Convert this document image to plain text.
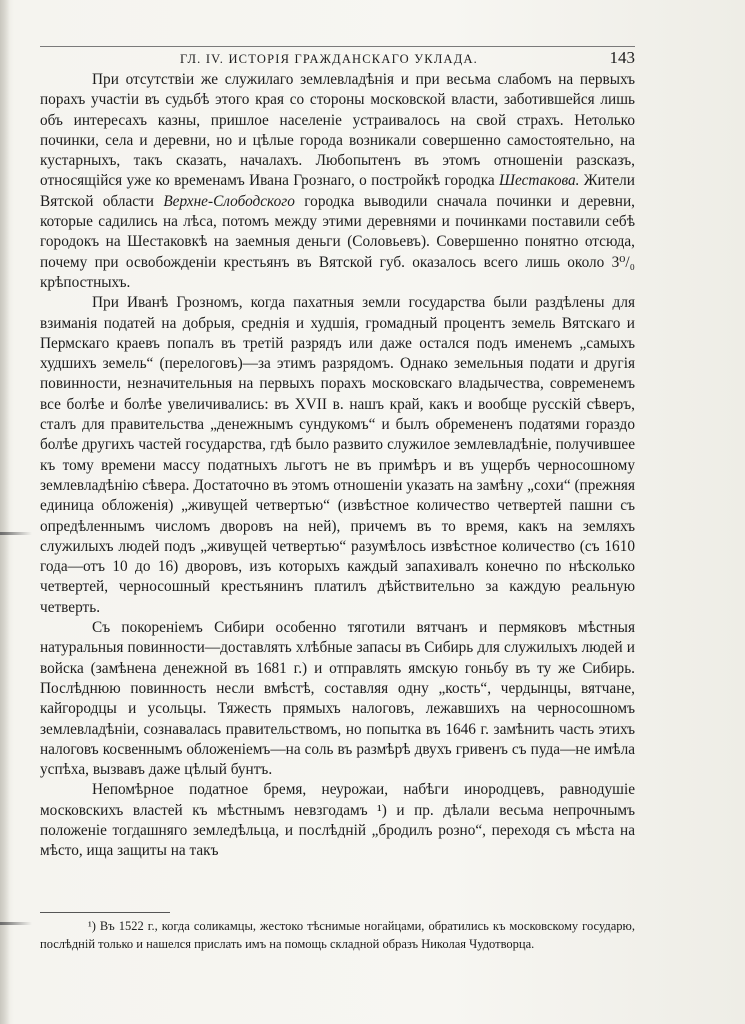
ГЛ. IV. ИСТОРІЯ ГРАЖДАНСКАГО УКЛАДА.	143

При отсутствіи же служилаго землевладѣнія и при весьма слабомъ на первыхъ порахъ участіи въ судьбѣ этого края со стороны московской власти, заботившейся лишь объ интересахъ казны, пришлое населеніе устраивалось на свой страхъ. Нетолько починки, села и деревни, но и цѣлые города возникали совершенно самостоятельно, на кустарныхъ, такъ сказать, началахъ. Любопытенъ въ этомъ отношеніи разсказъ, относящійся уже ко временамъ Ивана Грознаго, о постройкѣ городка Шестакова. Жители Вятской области Верхне-Слободского городка выводили сначала починки и деревни, которые садились на лѣса, потомъ между этими деревнями и починками поставили себѣ городокъ на Шестаковкѣ на заемныя деньги (Соловьевъ). Совершенно понятно отсюда, почему при освобожденіи крестьянъ въ Вятской губ. оказалось всего лишь около 3⁰/₀ крѣпостныхъ.

При Иванѣ Грозномъ, когда пахатныя земли государства были раздѣлены для взиманія податей на добрыя, среднія и худшія, громадный процентъ земель Вятскаго и Пермскаго краевъ попалъ въ третій разрядъ или даже остался подъ именемъ „самыхъ худшихъ земель“ (перелоговъ)—за этимъ разрядомъ. Однако земельныя подати и другія повинности, незначительныя на первыхъ порахъ московскаго владычества, современемъ все болѣе и болѣе увеличивались: въ XVII в. нашъ край, какъ и вообще русскій сѣверъ, сталъ для правительства „денежнымъ сундукомъ“ и былъ обремененъ податями гораздо болѣе другихъ частей государства, гдѣ было развито служилое землевладѣніе, получившее къ тому времени массу податныхъ льготъ не въ примѣръ и въ ущербъ черносошному землевладѣнію сѣвера. Достаточно въ этомъ отношеніи указать на замѣну „сохи“ (прежняя единица обложенія) „живущей четвертью“ (извѣстное количество четвертей пашни съ опредѣленнымъ числомъ дворовъ на ней), причемъ въ то время, какъ на земляхъ служилыхъ людей подъ „живущей четвертью“ разумѣлось извѣстное количество (съ 1610 года—отъ 10 до 16) дворовъ, изъ которыхъ каждый запахивалъ конечно по нѣсколько четвертей, черносошный крестьянинъ платилъ дѣйствительно за каждую реальную четверть.

Съ покореніемъ Сибири особенно тяготили вятчанъ и пермяковъ мѣстныя натуральныя повинности—доставлять хлѣбные запасы въ Сибирь для служилыхъ людей и войска (замѣнена денежной въ 1681 г.) и отправлять ямскую гоньбу въ ту же Сибирь. Послѣднюю повинность несли вмѣстѣ, составляя одну „кость“, чердынцы, вятчане, кайгородцы и усольцы. Тяжесть прямыхъ налоговъ, лежавшихъ на черносошномъ землевладѣніи, сознавалась правительствомъ, но попытка въ 1646 г. замѣнить часть этихъ налоговъ косвеннымъ обложеніемъ—на соль въ размѣрѣ двухъ гривенъ съ пуда—не имѣла успѣха, вызвавъ даже цѣлый бунтъ.

Непомѣрное податное бремя, неурожаи, набѣги инородцевъ, равнодушіе московскихъ властей къ мѣстнымъ невзгодамъ ¹) и пр. дѣлали весьма непрочнымъ положеніе тогдашняго земледѣльца, и послѣдній „бродилъ розно“, переходя съ мѣста на мѣсто, ища защиты на такъ

¹) Въ 1522 г., когда соликамцы, жестоко тѣснимые ногайцами, обратились къ московскому государю, послѣдній только и нашелся прислать имъ на помощь складной образъ Николая Чудотворца.
